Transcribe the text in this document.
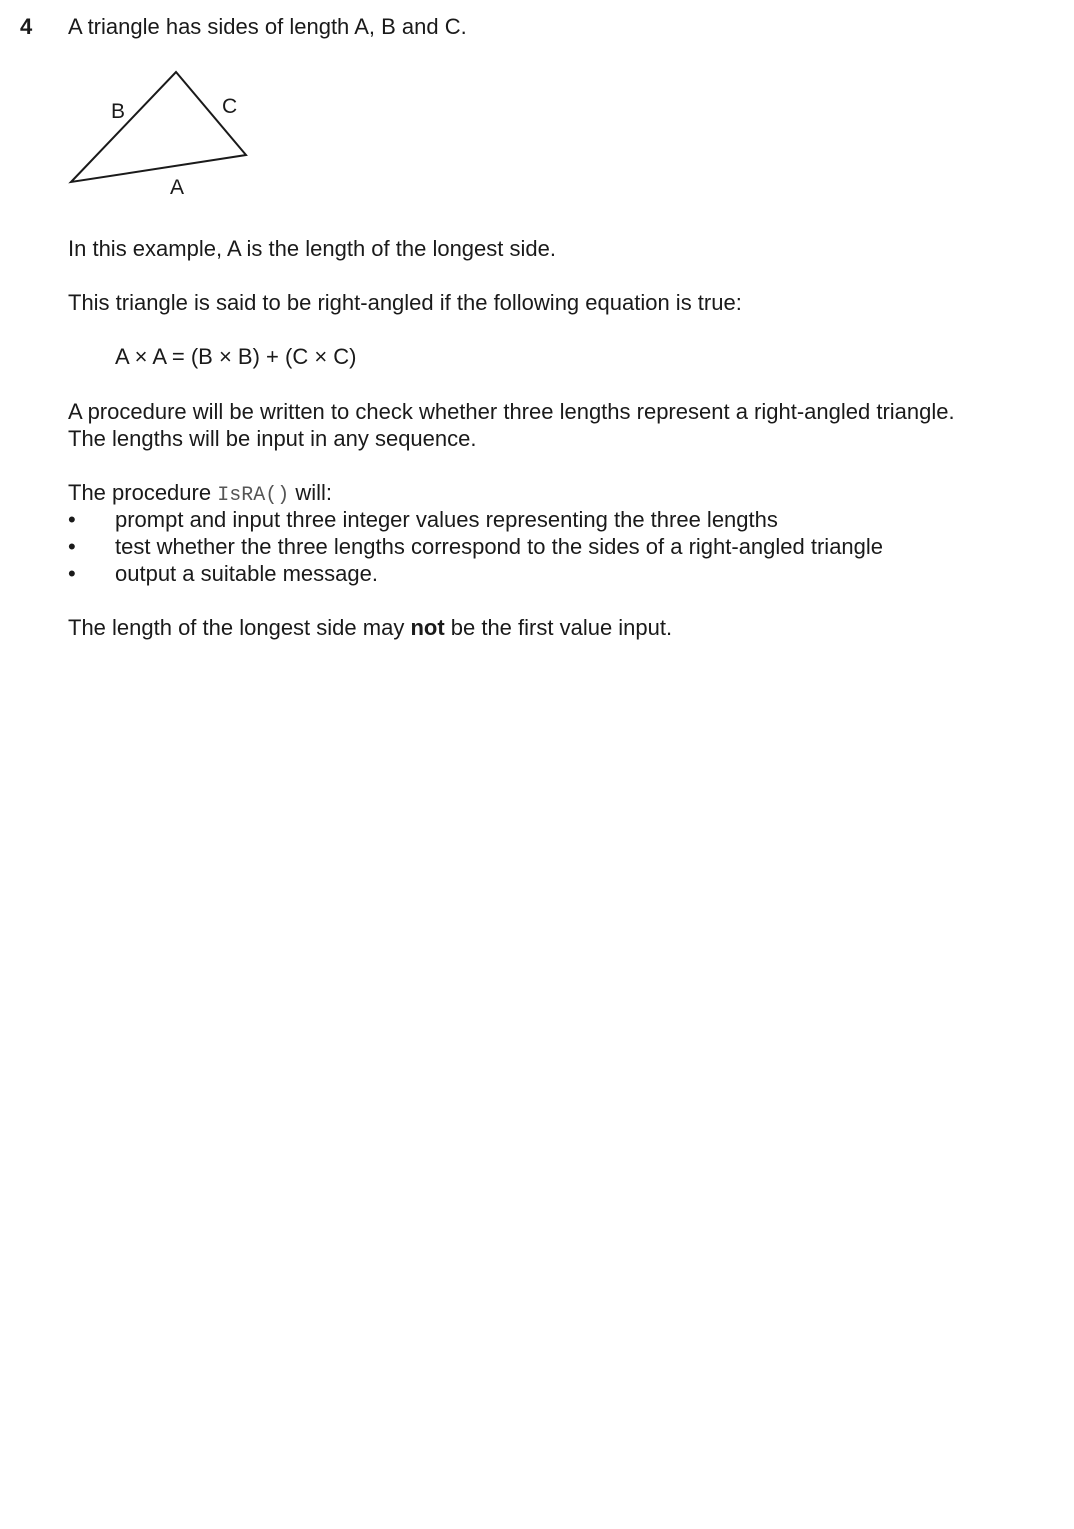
4 A triangle has sides of length A, B and C.
B	C
A
In this example, A is the length of the longest side.
This triangle is said to be right-angled if the following equation is true:
A × A = (B × B) + (C × C)
A procedure will be written to check whether three lengths represent a right-angled triangle.
The lengths will be input in any sequence.
The procedure IsRA() will:
• prompt and input three integer values representing the three lengths
• test whether the three lengths correspond to the sides of a right-angled triangle
• output a suitable message.
The length of the longest side may not be the first value input.
